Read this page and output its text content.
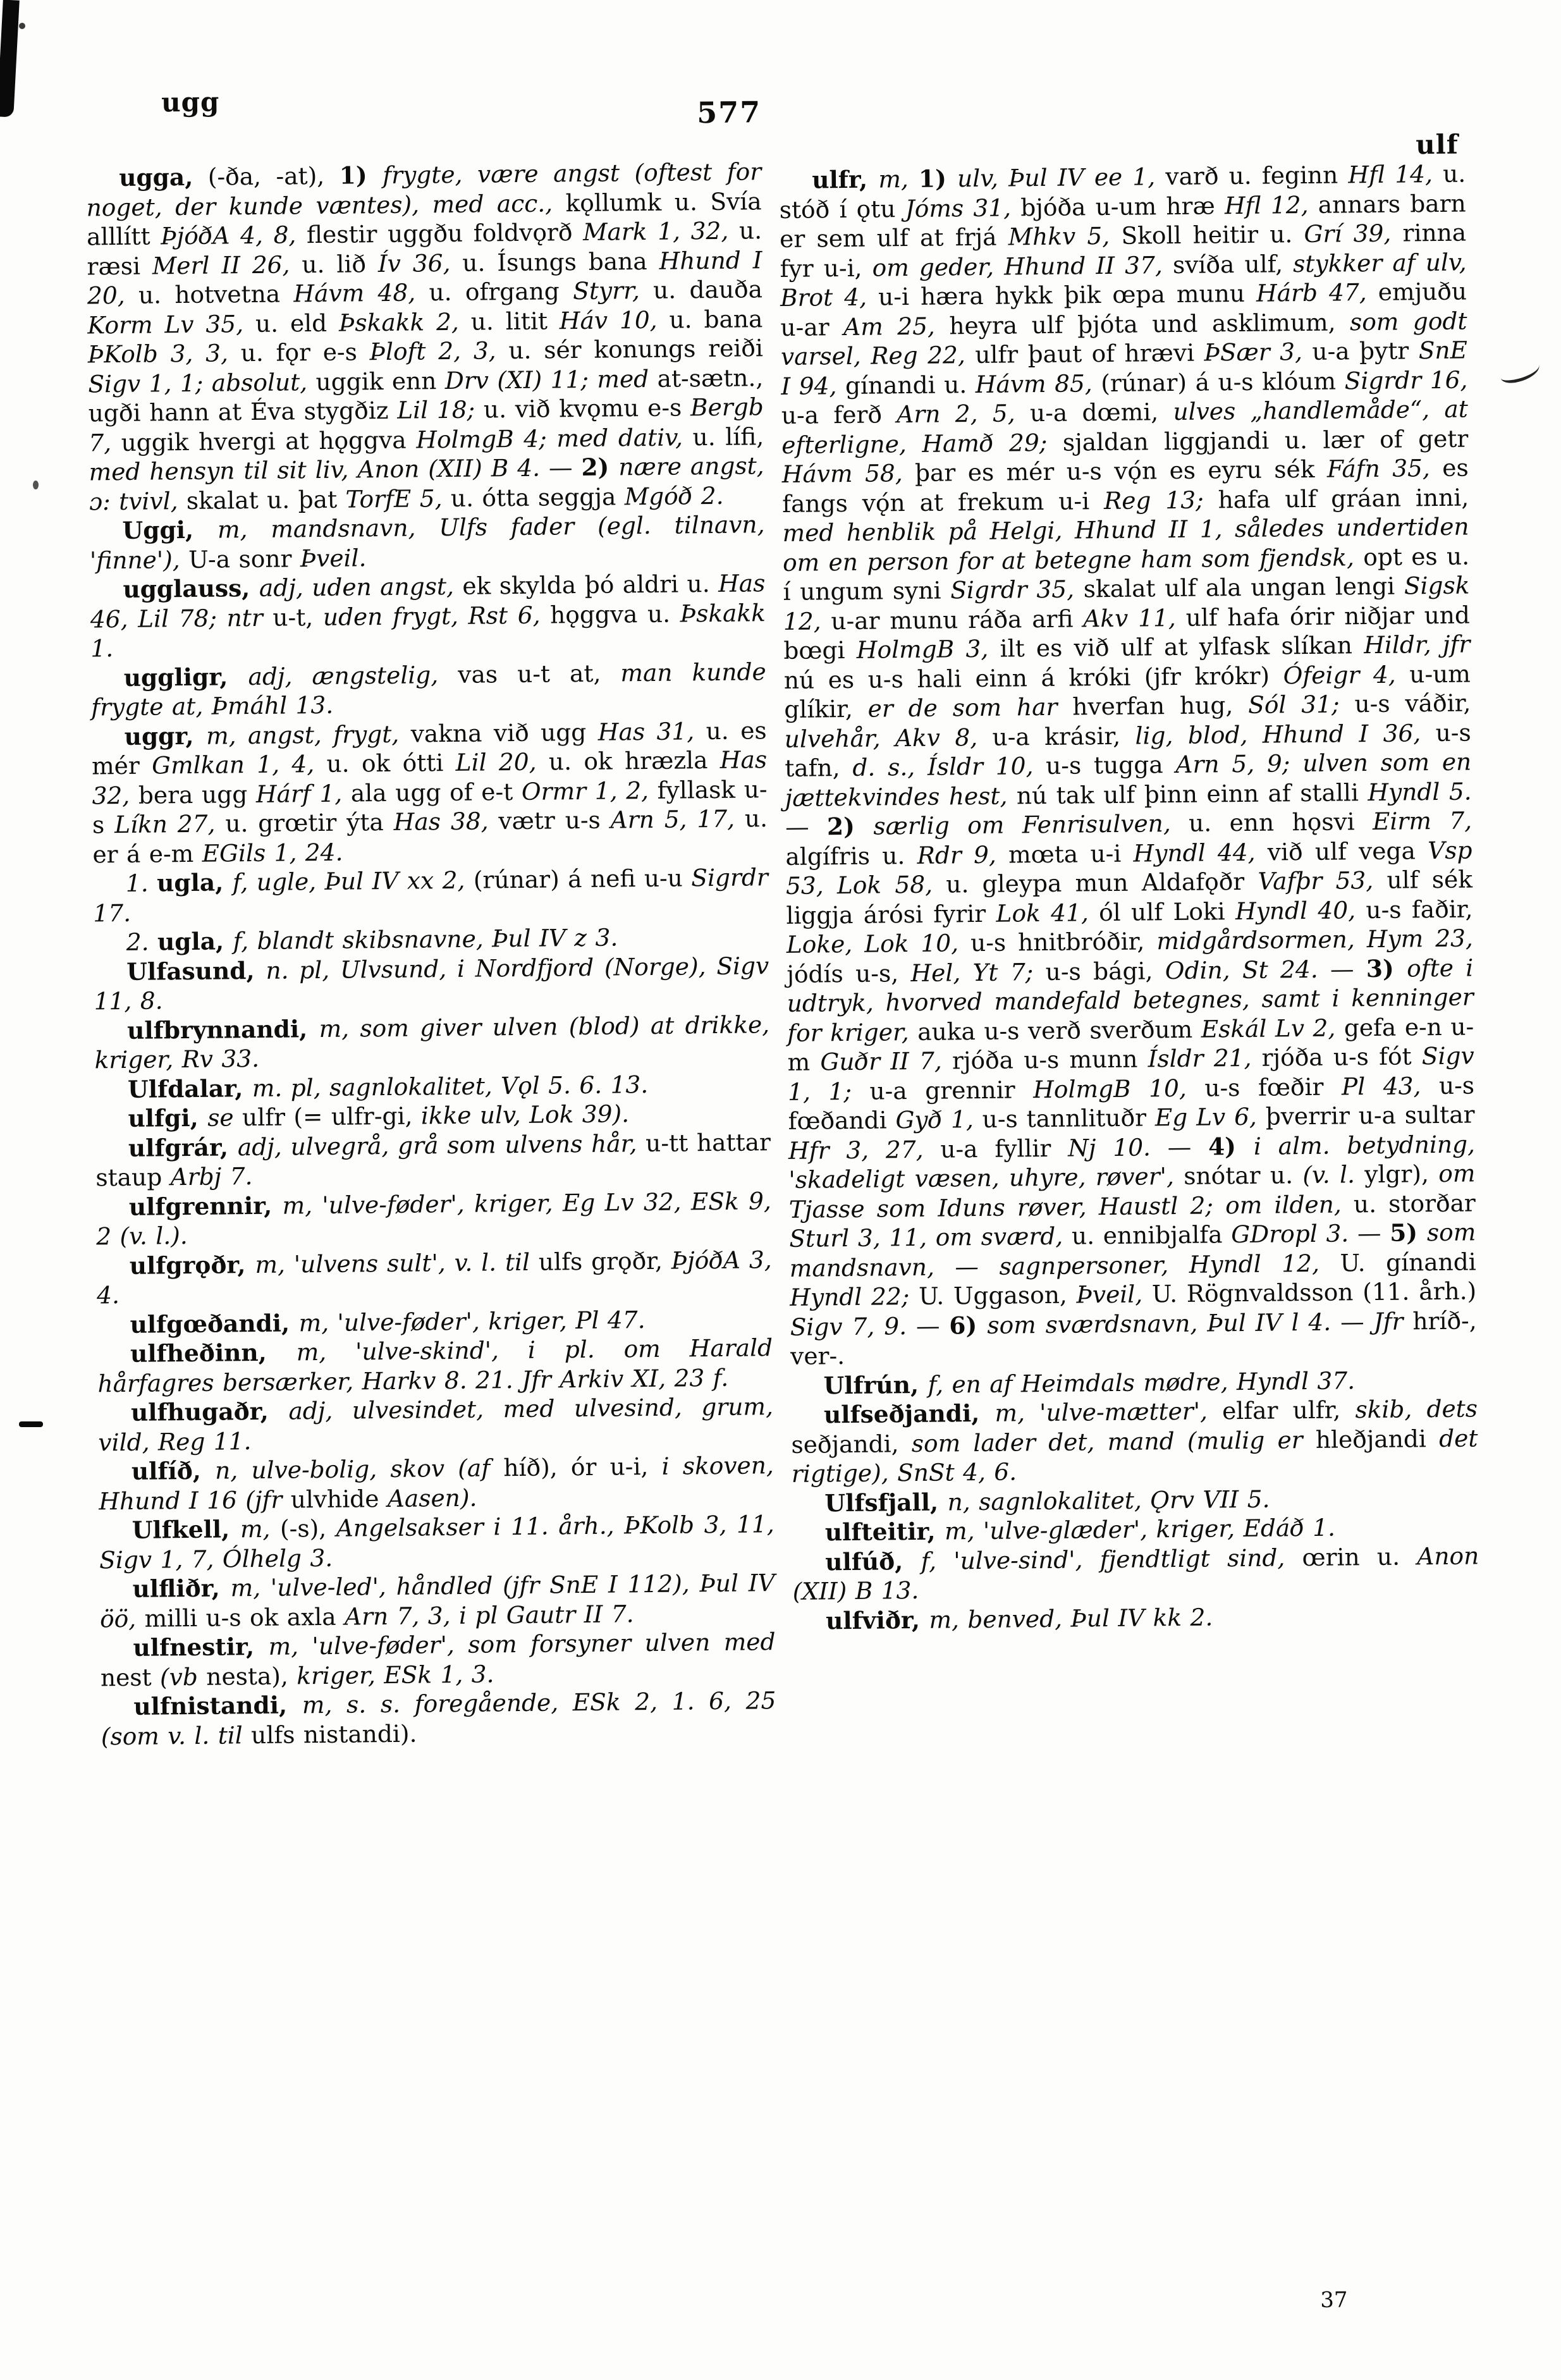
ugg	577
ulf

ugga, (-ða, -at), 1) frygte, være angst (oftest for noget, der kunde væntes), med acc., kǫllumk u. Svía alllítt ÞjóðA 4, 8, flestir uggðu foldvǫrð Mark 1, 32, u. ræsi Merl II 26, u. lið Ív 36, u. Ísungs bana Hhund I 20, u. hotvetna Hávm 48, u. ofrgang Styrr, u. dauða Korm Lv 35, u. eld Þskakk 2, u. litit Háv 10, u. bana ÞKolb 3, 3, u. fǫr e-s Þloft 2, 3, u. sér konungs reiði Sigv 1, 1; absolut, uggik enn Drv (XI) 11; med at-sætn., ugði hann at Éva stygðiz Lil 18; u. við kvǫmu e-s Bergb 7, uggik hvergi at hǫggva HolmgB 4; med dativ, u. lífi, med hensyn til sit liv, Anon (XII) B 4. — 2) nære angst, ɔ: tvivl, skalat u. þat TorfE 5, u. ótta seggja Mgóð 2.

Uggi, m, mandsnavn, Ulfs fader (egl. tilnavn, 'finne'), U-a sonr Þveil.

ugglauss, adj, uden angst, ek skylda þó aldri u. Has 46, Lil 78; ntr u-t, uden frygt, Rst 6, hǫggva u. Þskakk 1.

uggligr, adj, ængstelig, vas u-t at, man kunde frygte at, Þmáhl 13.

uggr, m, angst, frygt, vakna við ugg Has 31, u. es mér Gmlkan 1, 4, u. ok ótti Lil 20, u. ok hræzla Has 32, bera ugg Hárf 1, ala ugg of e-t Ormr 1, 2, fyllask u-s Líkn 27, u. grœtir ýta Has 38, vætr u-s Arn 5, 17, u. er á e-m EGils 1, 24.

1. ugla, f, ugle, Þul IV xx 2, (rúnar) á nefi u-u Sigrdr 17.

2. ugla, f, blandt skibsnavne, Þul IV z 3.

Ulfasund, n. pl, Ulvsund, i Nordfjord (Norge), Sigv 11, 8.

ulfbrynnandi, m, som giver ulven (blod) at drikke, kriger, Rv 33.

Ulfdalar, m. pl, sagnlokalitet, Vǫl 5. 6. 13.

ulfgi, se ulfr (= ulfr-gi, ikke ulv, Lok 39).

ulfgrár, adj, ulvegrå, grå som ulvens hår, u-tt hattar staup Arbj 7.

ulfgrennir, m, 'ulve-føder', kriger, Eg Lv 32, ESk 9, 2 (v. l.).

ulfgrǫðr, m, 'ulvens sult', v. l. til ulfs grǫðr, ÞjóðA 3, 4.

ulfgœðandi, m, 'ulve-føder', kriger, Pl 47.

ulfheðinn, m, 'ulve-skind', i pl. om Harald hårfagres bersærker, Harkv 8. 21. Jfr Arkiv XI, 23 f.

ulfhugaðr, adj, ulvesindet, med ulvesind, grum, vild, Reg 11.

ulfíð, n, ulve-bolig, skov (af híð), ór u-i, i skoven, Hhund I 16 (jfr ulvhide Aasen).

Ulfkell, m, (-s), Angelsakser i 11. årh., ÞKolb 3, 11, Sigv 1, 7, Ólhelg 3.

ulfliðr, m, 'ulve-led', håndled (jfr SnE I 112), Þul IV öö, milli u-s ok axla Arn 7, 3, i pl Gautr II 7.

ulfnestir, m, 'ulve-føder', som forsyner ulven med nest (vb nesta), kriger, ESk 1, 3.

ulfnistandi, m, s. s. foregående, ESk 2, 1. 6, 25 (som v. l. til ulfs nistandi).

ulfr, m, 1) ulv, Þul IV ee 1, varð u. feginn Hfl 14, u. stóð í ǫtu Jóms 31, bjóða u-um hræ Hfl 12, annars barn er sem ulf at frjá Mhkv 5, Skoll heitir u. Grí 39, rinna fyr u-i, om geder, Hhund II 37, svíða ulf, stykker af ulv, Brot 4, u-i hæra hykk þik œpa munu Hárb 47, emjuðu u-ar Am 25, heyra ulf þjóta und asklimum, som godt varsel, Reg 22, ulfr þaut of hrævi ÞSær 3, u-a þytr SnE I 94, gínandi u. Hávm 85, (rúnar) á u-s klóum Sigrdr 16, u-a ferð Arn 2, 5, u-a dœmi, ulves „handlemåde“, at efterligne, Hamð 29; sjaldan liggjandi u. lær of getr Hávm 58, þar es mér u-s vǫ́n es eyru sék Fáfn 35, es fangs vǫ́n at frekum u-i Reg 13; hafa ulf gráan inni, med henblik på Helgi, Hhund II 1, således undertiden om en person for at betegne ham som fjendsk, opt es u. í ungum syni Sigrdr 35, skalat ulf ala ungan lengi Sigsk 12, u-ar munu ráða arfi Akv 11, ulf hafa órir niðjar und bœgi HolmgB 3, ilt es við ulf at ylfask slíkan Hildr, jfr nú es u-s hali einn á króki (jfr krókr) Ófeigr 4, u-um glíkir, er de som har hverfan hug, Sól 31; u-s váðir, ulvehår, Akv 8, u-a krásir, lig, blod, Hhund I 36, u-s tafn, d. s., Ísldr 10, u-s tugga Arn 5, 9; ulven som en jættekvindes hest, nú tak ulf þinn einn af stalli Hyndl 5. — 2) særlig om Fenrisulven, u. enn hǫsvi Eirm 7, algífris u. Rdr 9, mœta u-i Hyndl 44, við ulf vega Vsp 53, Lok 58, u. gleypa mun Aldafǫðr Vafþr 53, ulf sék liggja árósi fyrir Lok 41, ól ulf Loki Hyndl 40, u-s faðir, Loke, Lok 10, u-s hnitbróðir, midgårdsormen, Hym 23, jódís u-s, Hel, Yt 7; u-s bági, Odin, St 24. — 3) ofte i udtryk, hvorved mandefald betegnes, samt i kenninger for kriger, auka u-s verð sverðum Eskál Lv 2, gefa e-n u-m Guðr II 7, rjóða u-s munn Ísldr 21, rjóða u-s fót Sigv 1, 1; u-a grennir HolmgB 10, u-s fœðir Pl 43, u-s fœðandi Gyð 1, u-s tannlituðr Eg Lv 6, þverrir u-a sultar Hfr 3, 27, u-a fyllir Nj 10. — 4) i alm. betydning, 'skadeligt væsen, uhyre, røver', snótar u. (v. l. ylgr), om Tjasse som Iduns røver, Haustl 2; om ilden, u. storðar Sturl 3, 11, om sværd, u. ennibjalfa GDropl 3. — 5) som mandsnavn, — sagnpersoner, Hyndl 12, U. gínandi Hyndl 22; U. Uggason, Þveil, U. Rögnvaldsson (11. årh.) Sigv 7, 9. — 6) som sværdsnavn, Þul IV l 4. — Jfr hríð-, ver-.

Ulfrún, f, en af Heimdals mødre, Hyndl 37.

ulfseðjandi, m, 'ulve-mætter', elfar ulfr, skib, dets seðjandi, som lader det, mand (mulig er hleðjandi det rigtige), SnSt 4, 6.

Ulfsfjall, n, sagnlokalitet, Ǫrv VII 5.

ulfteitir, m, 'ulve-glæder', kriger, Edáð 1.

ulfúð, f, 'ulve-sind', fjendtligt sind, œrin u. Anon (XII) B 13.

ulfviðr, m, benved, Þul IV kk 2.

37
